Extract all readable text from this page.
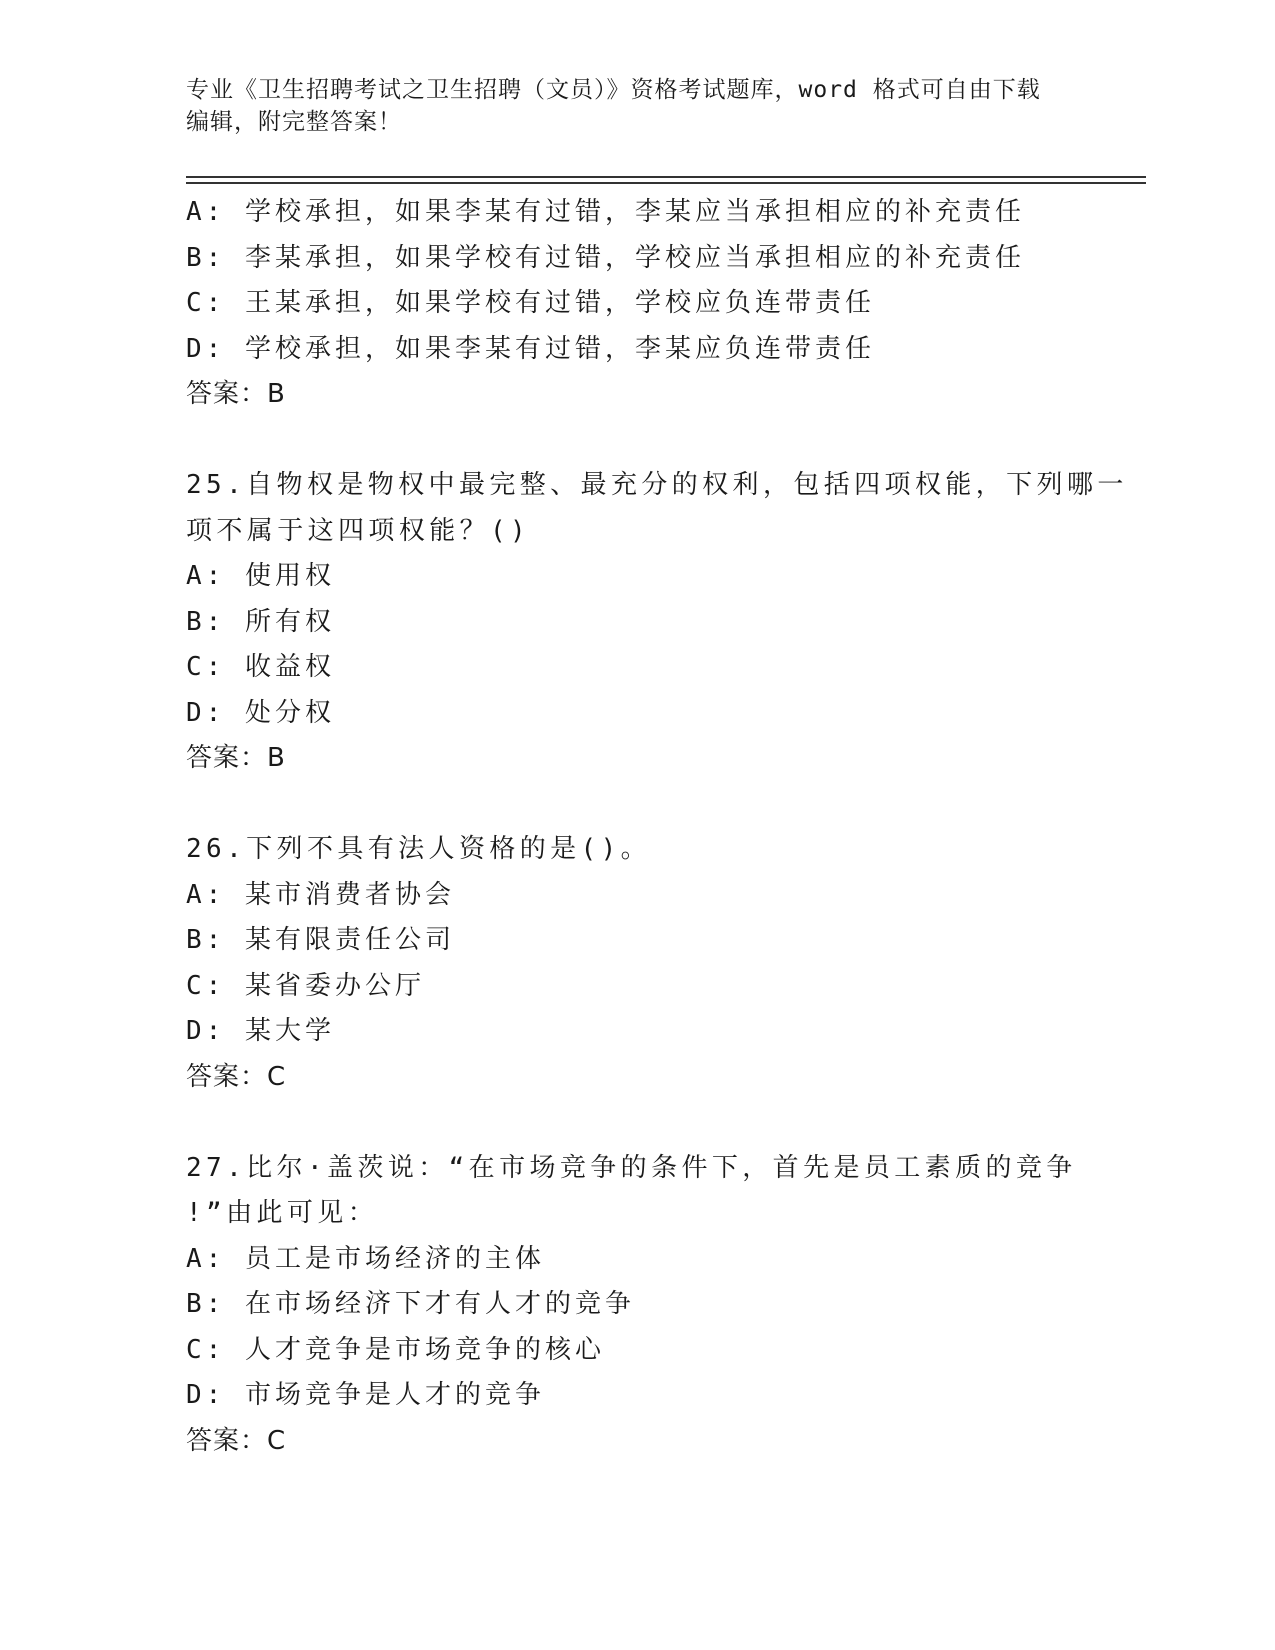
专业《卫生招聘考试之卫生招聘（文员）》资格考试题库，word 格式可自由下载
编辑，附完整答案！
A: 学校承担，如果李某有过错，李某应当承担相应的补充责任
B: 李某承担，如果学校有过错，学校应当承担相应的补充责任
C: 王某承担，如果学校有过错，学校应负连带责任
D: 学校承担，如果李某有过错，李某应负连带责任
答案：B
25.自物权是物权中最完整、最充分的权利，包括四项权能，下列哪一
项不属于这四项权能？()
A: 使用权
B: 所有权
C: 收益权
D: 处分权
答案：B
26.下列不具有法人资格的是()。
A: 某市消费者协会
B: 某有限责任公司
C: 某省委办公厅
D: 某大学
答案：C
27.比尔·盖茨说：“在市场竞争的条件下，首先是员工素质的竞争
!”由此可见：
A: 员工是市场经济的主体
B: 在市场经济下才有人才的竞争
C: 人才竞争是市场竞争的核心
D: 市场竞争是人才的竞争
答案：C
